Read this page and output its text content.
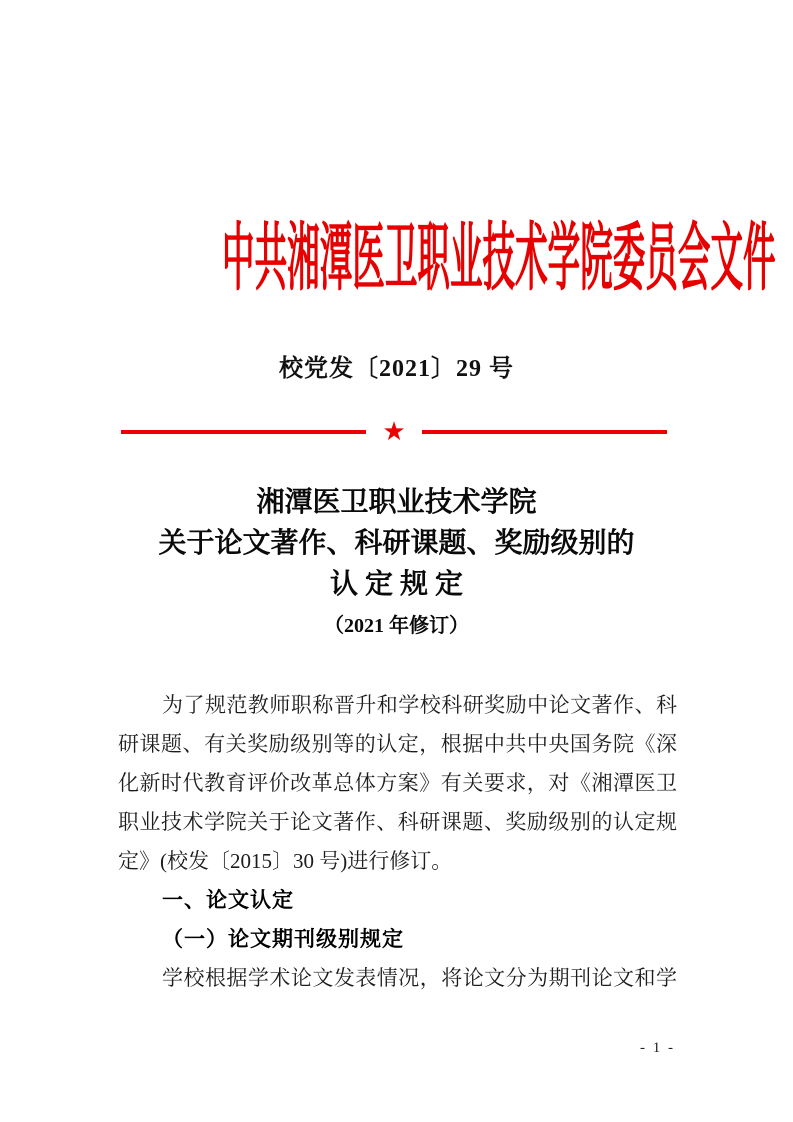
中共湘潭医卫职业技术学院委员会文件
校党发〔2021〕29 号
★
湘潭医卫职业技术学院
关于论文著作、科研课题、奖励级别的
认 定 规 定
（2021 年修订）
为了规范教师职称晋升和学校科研奖励中论文著作、科
研课题、有关奖励级别等的认定，根据中共中央国务院《深
化新时代教育评价改革总体方案》有关要求，对《湘潭医卫
职业技术学院关于论文著作、科研课题、奖励级别的认定规
定》(校发〔2015〕30 号)进行修订。
一、论文认定
（一）论文期刊级别规定
学校根据学术论文发表情况，将论文分为期刊论文和学
- 1 -
